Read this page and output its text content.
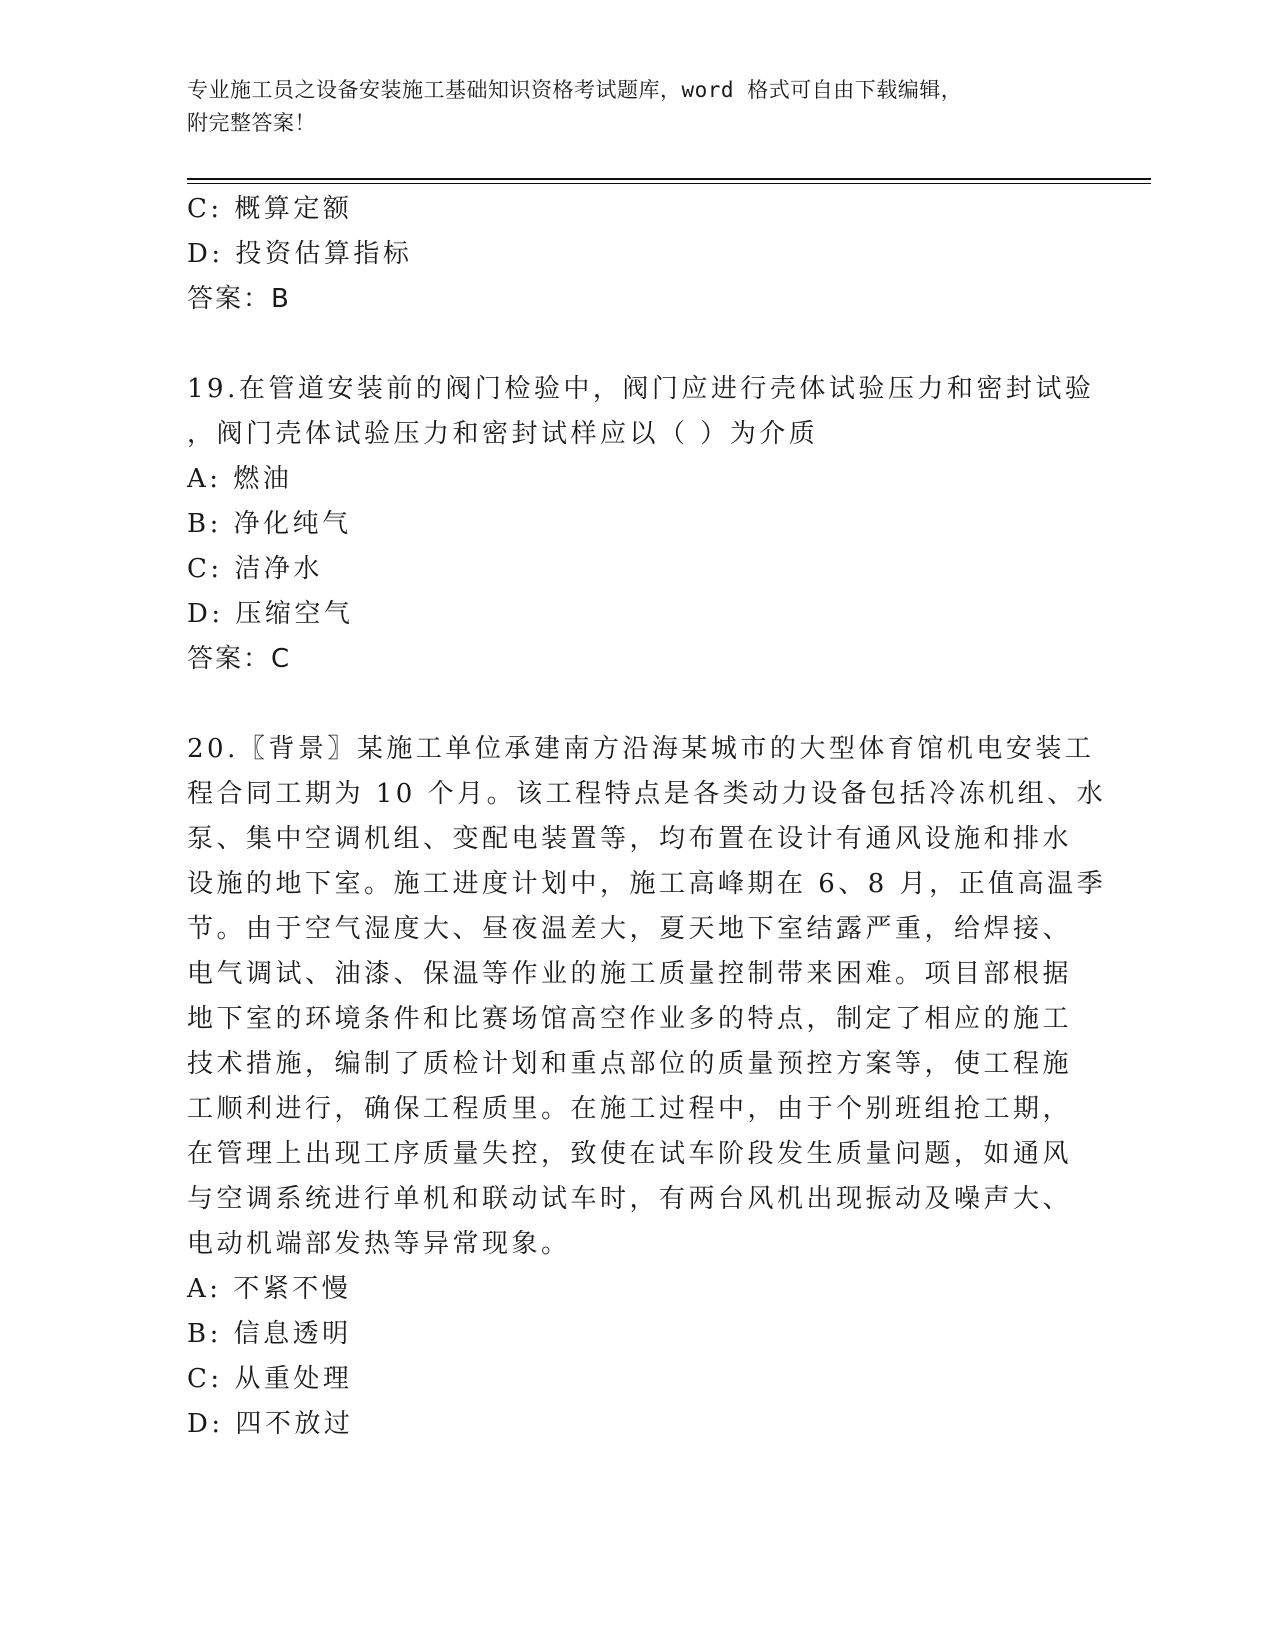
专业施工员之设备安装施工基础知识资格考试题库，word 格式可自由下载编辑，
附完整答案！
C: 概算定额
D: 投资估算指标
答案：B
19.在管道安装前的阀门检验中，阀门应进行壳体试验压力和密封试验
，阀门壳体试验压力和密封试样应以（ ）为介质
A: 燃油
B: 净化纯气
C: 洁净水
D: 压缩空气
答案：C
20.〖背景〗某施工单位承建南方沿海某城市的大型体育馆机电安装工
程合同工期为 10 个月。该工程特点是各类动力设备包括冷冻机组、水
泵、集中空调机组、变配电装置等，均布置在设计有通风设施和排水
设施的地下室。施工进度计划中，施工高峰期在 6、8 月，正值高温季
节。由于空气湿度大、昼夜温差大，夏天地下室结露严重，给焊接、
电气调试、油漆、保温等作业的施工质量控制带来困难。项目部根据
地下室的环境条件和比赛场馆高空作业多的特点，制定了相应的施工
技术措施，编制了质检计划和重点部位的质量预控方案等，使工程施
工顺利进行，确保工程质里。在施工过程中，由于个别班组抢工期，
在管理上出现工序质量失控，致使在试车阶段发生质量问题，如通风
与空调系统进行单机和联动试车时，有两台风机出现振动及噪声大、
电动机端部发热等异常现象。
A: 不紧不慢
B: 信息透明
C: 从重处理
D: 四不放过
